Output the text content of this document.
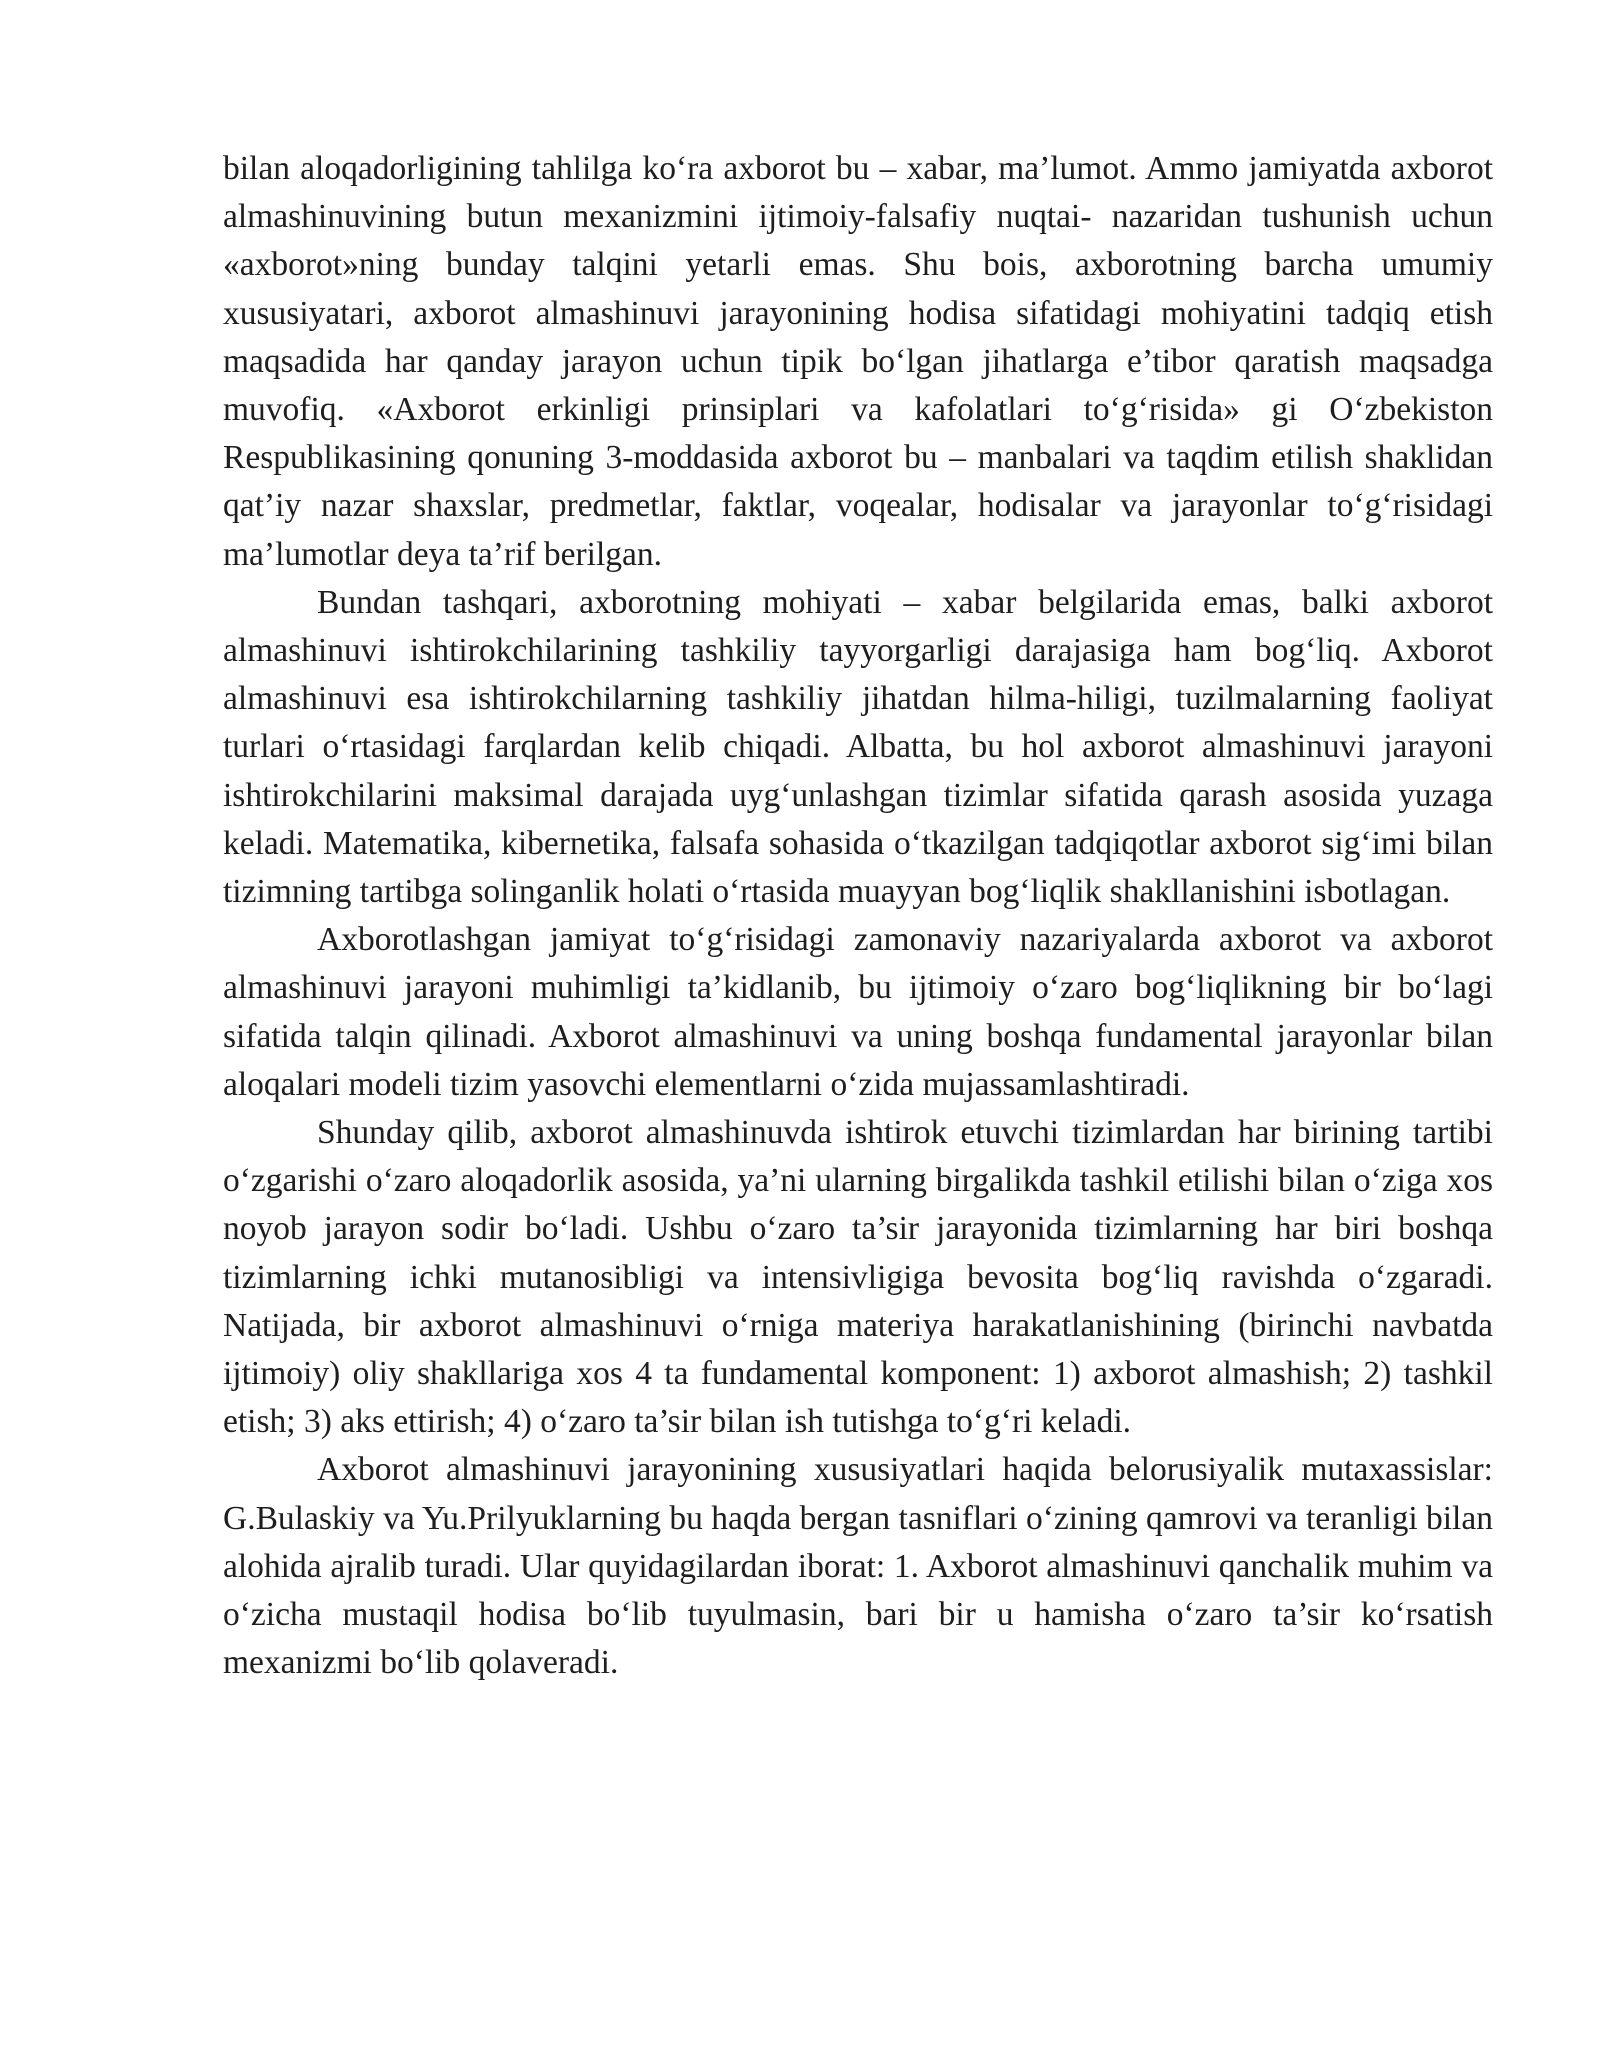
bilan aloqadorligining tahlilga ko‘ra axborot bu – xabar, ma’lumot. Ammo jamiyatda axborot almashinuvining butun mexanizmini ijtimoiy-falsafiy nuqtai- nazaridan tushunish uchun «axborot»ning bunday talqini yetarli emas. Shu bois, axborotning barcha umumiy xususiyatari, axborot almashinuvi jarayonining hodisa sifatidagi mohiyatini tadqiq etish maqsadida har qanday jarayon uchun tipik bo‘lgan jihatlarga e’tibor qaratish maqsadga muvofiq. «Axborot erkinligi prinsiplari va kafolatlari to‘g‘risida» gi O‘zbekiston Respublikasining qonuning 3-moddasida axborot bu – manbalari va taqdim etilish shaklidan qat’iy nazar shaxslar, predmetlar, faktlar, voqealar, hodisalar va jarayonlar to‘g‘risidagi ma’lumotlar deya ta’rif berilgan.

Bundan tashqari, axborotning mohiyati – xabar belgilarida emas, balki axborot almashinuvi ishtirokchilarining tashkiliy tayyorgarligi darajasiga ham bog‘liq. Axborot almashinuvi esa ishtirokchilarning tashkiliy jihatdan hilma-hiligi, tuzilmalarning faoliyat turlari o‘rtasidagi farqlardan kelib chiqadi. Albatta, bu hol axborot almashinuvi jarayoni ishtirokchilarini maksimal darajada uyg‘unlashgan tizimlar sifatida qarash asosida yuzaga keladi. Matematika, kibernetika, falsafa sohasida o‘tkazilgan tadqiqotlar axborot sig‘imi bilan tizimning tartibga solinganlik holati o‘rtasida muayyan bog‘liqlik shakllanishini isbotlagan.

Axborotlashgan jamiyat to‘g‘risidagi zamonaviy nazariyalarda axborot va axborot almashinuvi jarayoni muhimligi ta’kidlanib, bu ijtimoiy o‘zaro bog‘liqlikning bir bo‘lagi sifatida talqin qilinadi. Axborot almashinuvi va uning boshqa fundamental jarayonlar bilan aloqalari modeli tizim yasovchi elementlarni o‘zida mujassamlashtiradi.

Shunday qilib, axborot almashinuvda ishtirok etuvchi tizimlardan har birining tartibi o‘zgarishi o‘zaro aloqadorlik asosida, ya’ni ularning birgalikda tashkil etilishi bilan o‘ziga xos noyob jarayon sodir bo‘ladi. Ushbu o‘zaro ta’sir jarayonida tizimlarning har biri boshqa tizimlarning ichki mutanosibligi va intensivligiga bevosita bog‘liq ravishda o‘zgaradi. Natijada, bir axborot almashinuvi o‘rniga materiya harakatlanishining (birinchi navbatda ijtimoiy) oliy shakllariga xos 4 ta fundamental komponent: 1) axborot almashish; 2) tashkil etish; 3) aks ettirish; 4) o‘zaro ta’sir bilan ish tutishga to‘g‘ri keladi.

Axborot almashinuvi jarayonining xususiyatlari haqida belorusiyalik mutaxassislar: G.Bulaskiy va Yu.Prilyuklarning bu haqda bergan tasniflari o‘zining qamrovi va teranligi bilan alohida ajralib turadi. Ular quyidagilardan iborat: 1. Axborot almashinuvi qanchalik muhim va o‘zicha mustaqil hodisa bo‘lib tuyulmasin, bari bir u hamisha o‘zaro ta’sir ko‘rsatish mexanizmi bo‘lib qolaveradi.
